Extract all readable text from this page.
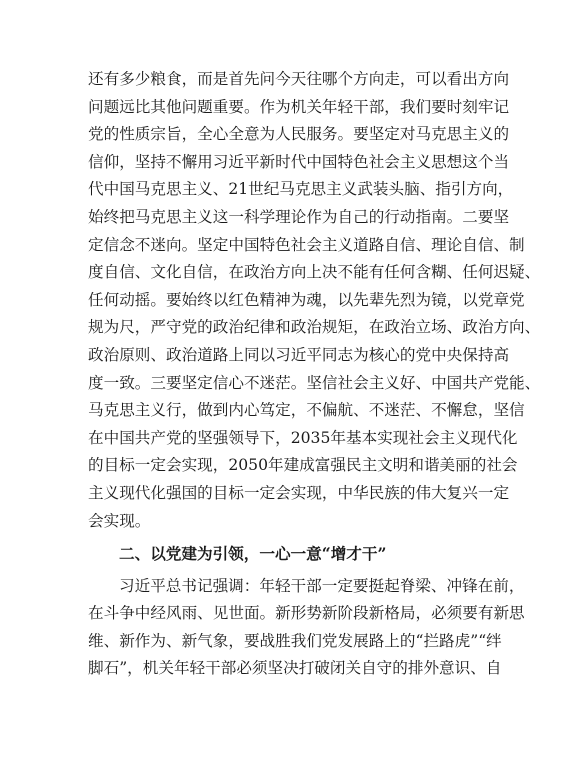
还有多少粮食，而是首先问今天往哪个方向走，可以看出方向
问题远比其他问题重要。作为机关年轻干部，我们要时刻牢记
党的性质宗旨，全心全意为人民服务。要坚定对马克思主义的
信仰，坚持不懈用习近平新时代中国特色社会主义思想这个当
代中国马克思主义、21世纪马克思主义武装头脑、指引方向，
始终把马克思主义这一科学理论作为自己的行动指南。二要坚
定信念不迷向。坚定中国特色社会主义道路自信、理论自信、制
度自信、文化自信，在政治方向上决不能有任何含糊、任何迟疑、
任何动摇。要始终以红色精神为魂，以先辈先烈为镜，以党章党
规为尺，严守党的政治纪律和政治规矩，在政治立场、政治方向、
政治原则、政治道路上同以习近平同志为核心的党中央保持高
度一致。三要坚定信心不迷茫。坚信社会主义好、中国共产党能、
马克思主义行，做到内心笃定，不偏航、不迷茫、不懈怠，坚信
在中国共产党的坚强领导下，2035年基本实现社会主义现代化
的目标一定会实现，2050年建成富强民主文明和谐美丽的社会
主义现代化强国的目标一定会实现，中华民族的伟大复兴一定
会实现。
二、以党建为引领，一心一意“增才干”
习近平总书记强调：年轻干部一定要挺起脊梁、冲锋在前，
在斗争中经风雨、见世面。新形势新阶段新格局，必须要有新思
维、新作为、新气象，要战胜我们党发展路上的“拦路虎”“绊
脚石”，机关年轻干部必须坚决打破闭关自守的排外意识、自
